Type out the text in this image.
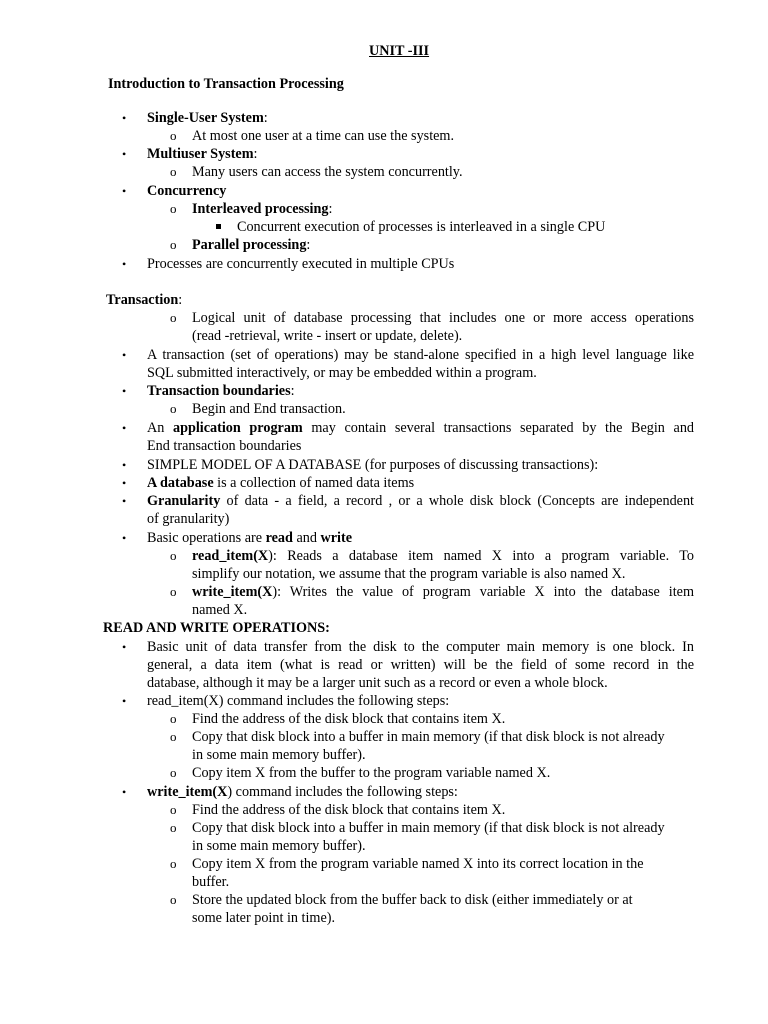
UNIT -III
Introduction to Transaction Processing
• Single-User System:
o At most one user at a time can use the system.
• Multiuser System:
o Many users can access the system concurrently.
• Concurrency
o Interleaved processing:
Concurrent execution of processes is interleaved in a single CPU
o Parallel processing:
• Processes are concurrently executed in multiple CPUs
Transaction:
o Logical unit of database processing that includes one or more access operations
(read -retrieval, write - insert or update, delete).
• A transaction (set of operations) may be stand-alone specified in a high level language like
SQL submitted interactively, or may be embedded within a program.
• Transaction boundaries:
o Begin and End transaction.
• An application program may contain several transactions separated by the Begin and
End transaction boundaries
• SIMPLE MODEL OF A DATABASE (for purposes of discussing transactions):
• A database is a collection of named data items
• Granularity of data - a field, a record , or a whole disk block (Concepts are independent
of granularity)
• Basic operations are read and write
o read_item(X): Reads a database item named X into a program variable. To
simplify our notation, we assume that the program variable is also named X.
o write_item(X): Writes the value of program variable X into the database item
named X.
READ AND WRITE OPERATIONS:
• Basic unit of data transfer from the disk to the computer main memory is one block. In
general, a data item (what is read or written) will be the field of some record in the
database, although it may be a larger unit such as a record or even a whole block.
• read_item(X) command includes the following steps:
o Find the address of the disk block that contains item X.
o Copy that disk block into a buffer in main memory (if that disk block is not already
in some main memory buffer).
o Copy item X from the buffer to the program variable named X.
• write_item(X) command includes the following steps:
o Find the address of the disk block that contains item X.
o Copy that disk block into a buffer in main memory (if that disk block is not already
in some main memory buffer).
o Copy item X from the program variable named X into its correct location in the
buffer.
o Store the updated block from the buffer back to disk (either immediately or at
some later point in time).
